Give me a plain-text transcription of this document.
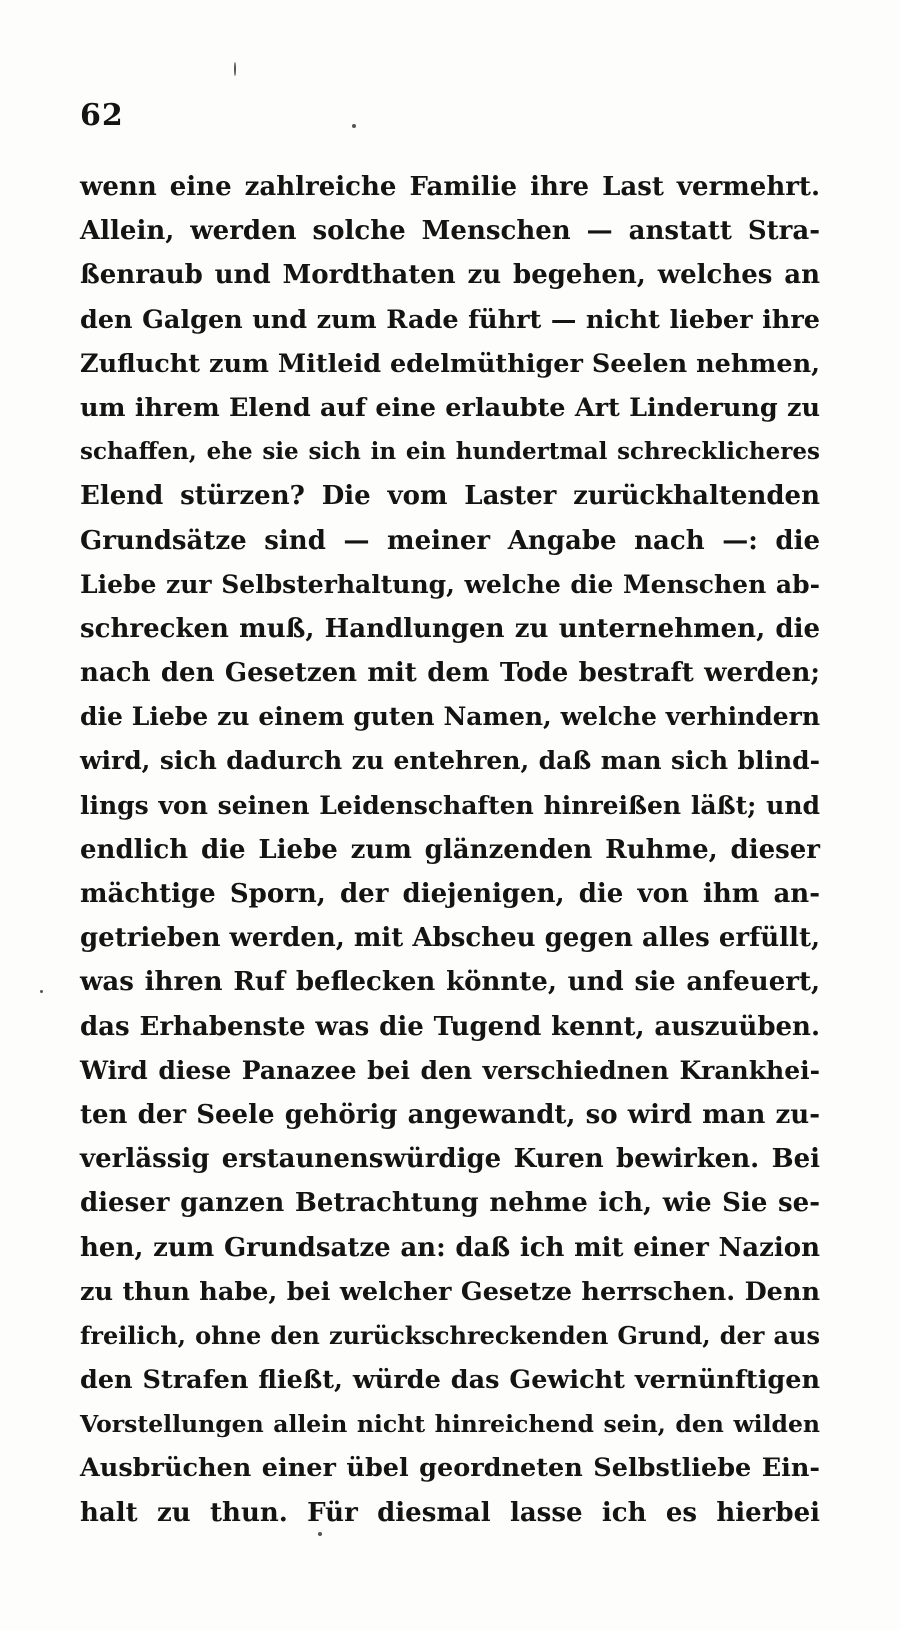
62
wenn eine zahlreiche Familie ihre Last vermehrt.
Allein, werden solche Menschen — anstatt Stra-
ßenraub und Mordthaten zu begehen, welches an
den Galgen und zum Rade führt — nicht lieber ihre
Zuflucht zum Mitleid edelmüthiger Seelen nehmen,
um ihrem Elend auf eine erlaubte Art Linderung zu
schaffen, ehe sie sich in ein hundertmal schrecklicheres
Elend stürzen? Die vom Laster zurückhaltenden
Grundsätze sind — meiner Angabe nach —: die
Liebe zur Selbsterhaltung, welche die Menschen ab-
schrecken muß, Handlungen zu unternehmen, die
nach den Gesetzen mit dem Tode bestraft werden;
die Liebe zu einem guten Namen, welche verhindern
wird, sich dadurch zu entehren, daß man sich blind-
lings von seinen Leidenschaften hinreißen läßt; und
endlich die Liebe zum glänzenden Ruhme, dieser
mächtige Sporn, der diejenigen, die von ihm an-
getrieben werden, mit Abscheu gegen alles erfüllt,
was ihren Ruf beflecken könnte, und sie anfeuert,
das Erhabenste was die Tugend kennt, auszuüben.
Wird diese Panazee bei den verschiednen Krankhei-
ten der Seele gehörig angewandt, so wird man zu-
verlässig erstaunenswürdige Kuren bewirken. Bei
dieser ganzen Betrachtung nehme ich, wie Sie se-
hen, zum Grundsatze an: daß ich mit einer Nazion
zu thun habe, bei welcher Gesetze herrschen. Denn
freilich, ohne den zurückschreckenden Grund, der aus
den Strafen fließt, würde das Gewicht vernünftigen
Vorstellungen allein nicht hinreichend sein, den wilden
Ausbrüchen einer übel geordneten Selbstliebe Ein-
halt zu thun. Für diesmal lasse ich es hierbei
